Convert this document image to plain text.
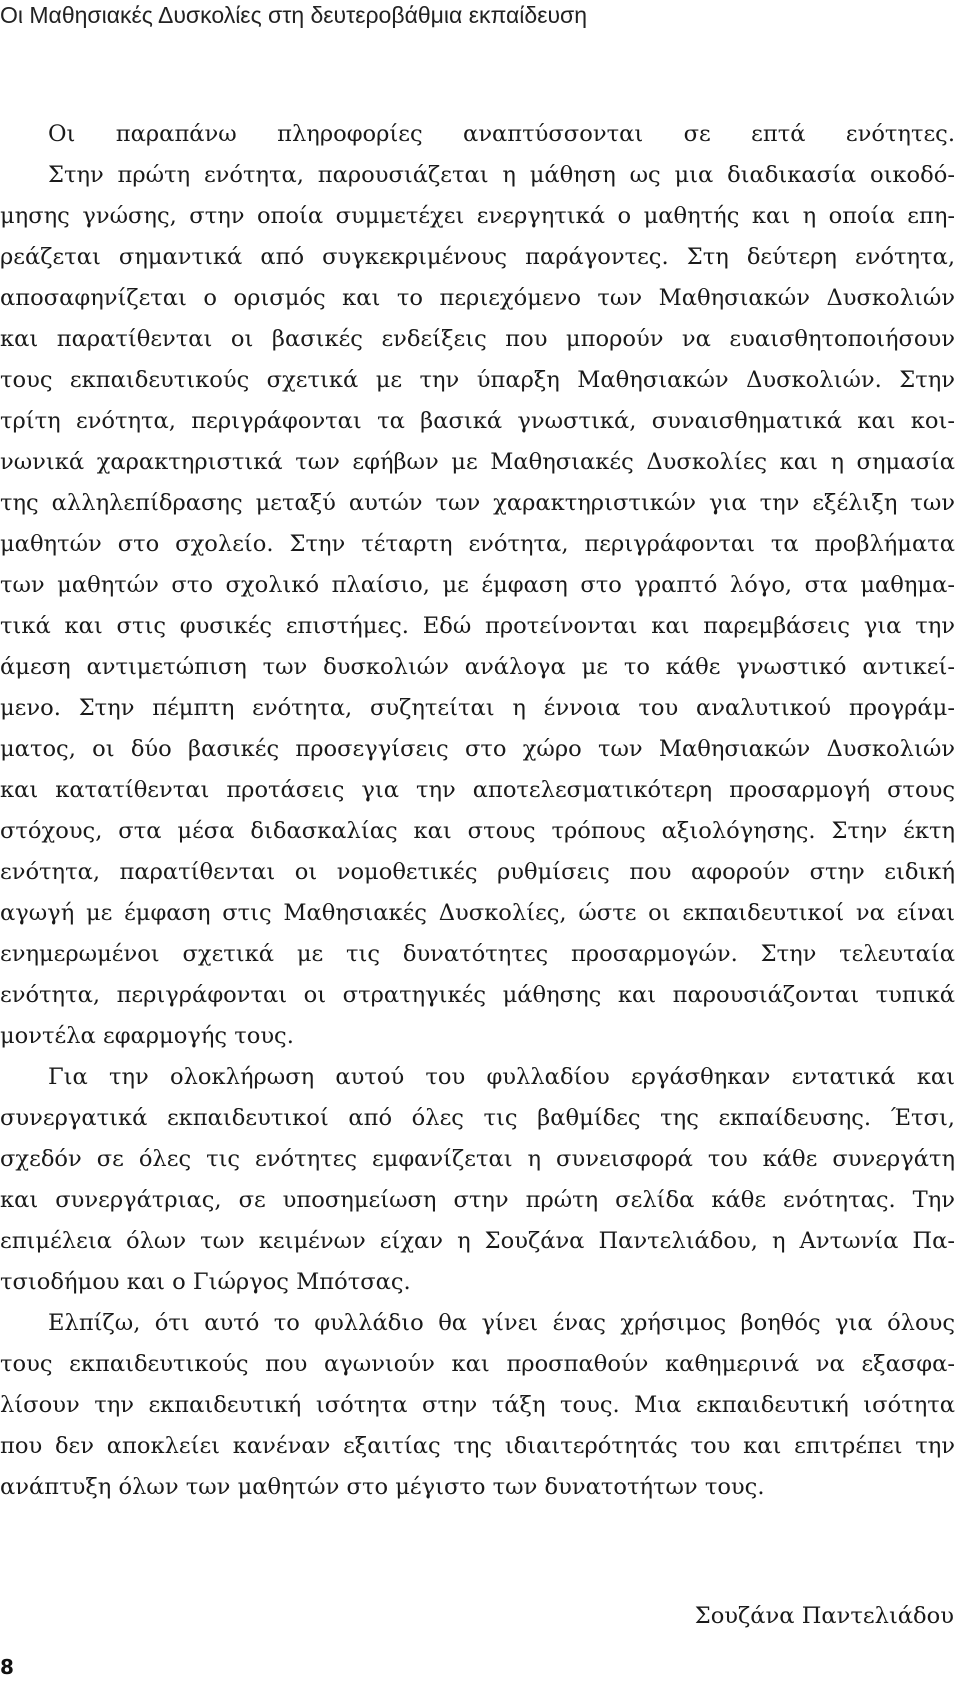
Οι Μαθησιακές Δυσκολίες στη δευτεροβάθμια εκπαίδευση
Οι παραπάνω πληροφορίες αναπτύσσονται σε επτά ενότητες.
Στην πρώτη ενότητα, παρουσιάζεται η μάθηση ως μια διαδικασία οικοδό-
μησης γνώσης, στην οποία συμμετέχει ενεργητικά ο μαθητής και η οποία επη-
ρεάζεται σημαντικά από συγκεκριμένους παράγοντες. Στη δεύτερη ενότητα,
αποσαφηνίζεται ο ορισμός και το περιεχόμενο των Μαθησιακών Δυσκολιών
και παρατίθενται οι βασικές ενδείξεις που μπορούν να ευαισθητοποιήσουν
τους εκπαιδευτικούς σχετικά με την ύπαρξη Μαθησιακών Δυσκολιών. Στην
τρίτη ενότητα, περιγράφονται τα βασικά γνωστικά, συναισθηματικά και κοι-
νωνικά χαρακτηριστικά των εφήβων με Μαθησιακές Δυσκολίες και η σημασία
της αλληλεπίδρασης μεταξύ αυτών των χαρακτηριστικών για την εξέλιξη των
μαθητών στο σχολείο. Στην τέταρτη ενότητα, περιγράφονται τα προβλήματα
των μαθητών στο σχολικό πλαίσιο, με έμφαση στο γραπτό λόγο, στα μαθημα-
τικά και στις φυσικές επιστήμες. Εδώ προτείνονται και παρεμβάσεις για την
άμεση αντιμετώπιση των δυσκολιών ανάλογα με το κάθε γνωστικό αντικεί-
μενο. Στην πέμπτη ενότητα, συζητείται η έννοια του αναλυτικού προγράμ-
ματος, οι δύο βασικές προσεγγίσεις στο χώρο των Μαθησιακών Δυσκολιών
και κατατίθενται προτάσεις για την αποτελεσματικότερη προσαρμογή στους
στόχους, στα μέσα διδασκαλίας και στους τρόπους αξιολόγησης. Στην έκτη
ενότητα, παρατίθενται οι νομοθετικές ρυθμίσεις που αφορούν στην ειδική
αγωγή με έμφαση στις Μαθησιακές Δυσκολίες, ώστε οι εκπαιδευτικοί να είναι
ενημερωμένοι σχετικά με τις δυνατότητες προσαρμογών. Στην τελευταία
ενότητα, περιγράφονται οι στρατηγικές μάθησης και παρουσιάζονται τυπικά
μοντέλα εφαρμογής τους.
Για την ολοκλήρωση αυτού του φυλλαδίου εργάσθηκαν εντατικά και
συνεργατικά εκπαιδευτικοί από όλες τις βαθμίδες της εκπαίδευσης. Έτσι,
σχεδόν σε όλες τις ενότητες εμφανίζεται η συνεισφορά του κάθε συνεργάτη
και συνεργάτριας, σε υποσημείωση στην πρώτη σελίδα κάθε ενότητας. Την
επιμέλεια όλων των κειμένων είχαν η Σουζάνα Παντελιάδου, η Αντωνία Πα-
τσιοδήμου και ο Γιώργος Μπότσας.
Ελπίζω, ότι αυτό το φυλλάδιο θα γίνει ένας χρήσιμος βοηθός για όλους
τους εκπαιδευτικούς που αγωνιούν και προσπαθούν καθημερινά να εξασφα-
λίσουν την εκπαιδευτική ισότητα στην τάξη τους. Μια εκπαιδευτική ισότητα
που δεν αποκλείει κανέναν εξαιτίας της ιδιαιτερότητάς του και επιτρέπει την
ανάπτυξη όλων των μαθητών στο μέγιστο των δυνατοτήτων τους.
Σουζάνα Παντελιάδου
8
